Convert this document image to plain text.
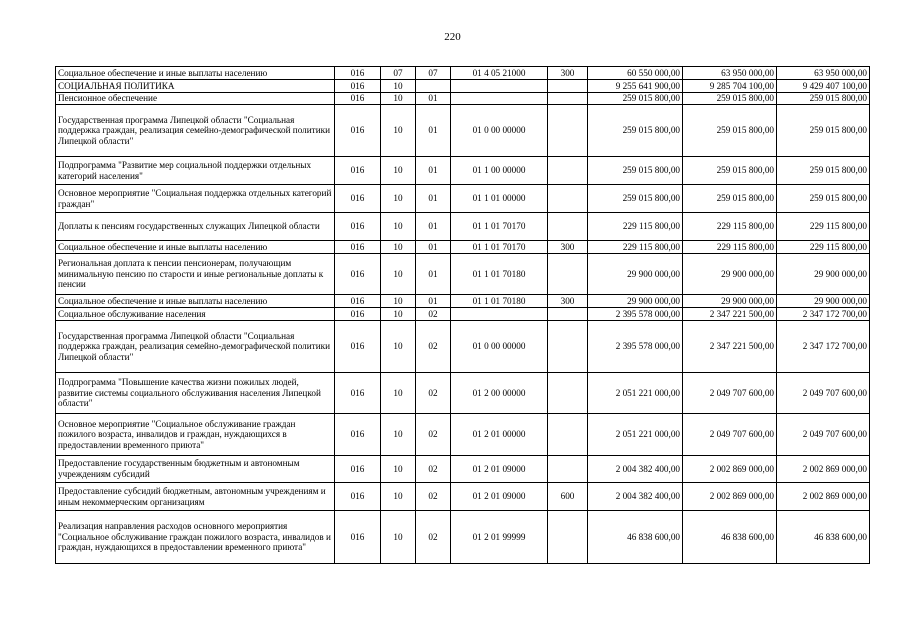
220
Социальное обеспечение и иные выплаты населению	016	07	07	01 4 05 21000	300	60 550 000,00	63 950 000,00	63 950 000,00
СОЦИАЛЬНАЯ ПОЛИТИКА	016	10				9 255 641 900,00	9 285 704 100,00	9 429 407 100,00
Пенсионное обеспечение	016	10	01			259 015 800,00	259 015 800,00	259 015 800,00
Государственная программа Липецкой области "Социальная поддержка граждан, реализация семейно-демографической политики Липецкой области"	016	10	01	01 0 00 00000		259 015 800,00	259 015 800,00	259 015 800,00
Подпрограмма "Развитие мер социальной поддержки отдельных категорий населения"	016	10	01	01 1 00 00000		259 015 800,00	259 015 800,00	259 015 800,00
Основное мероприятие "Социальная поддержка отдельных категорий граждан"	016	10	01	01 1 01 00000		259 015 800,00	259 015 800,00	259 015 800,00
Доплаты к пенсиям государственных служащих Липецкой области	016	10	01	01 1 01 70170		229 115 800,00	229 115 800,00	229 115 800,00
Социальное обеспечение и иные выплаты населению	016	10	01	01 1 01 70170	300	229 115 800,00	229 115 800,00	229 115 800,00
Региональная доплата к пенсии пенсионерам, получающим минимальную пенсию по старости и иные региональные доплаты к пенсии	016	10	01	01 1 01 70180		29 900 000,00	29 900 000,00	29 900 000,00
Социальное обеспечение и иные выплаты населению	016	10	01	01 1 01 70180	300	29 900 000,00	29 900 000,00	29 900 000,00
Социальное обслуживание населения	016	10	02			2 395 578 000,00	2 347 221 500,00	2 347 172 700,00
Государственная программа Липецкой области "Социальная поддержка граждан, реализация семейно-демографической политики Липецкой области"	016	10	02	01 0 00 00000		2 395 578 000,00	2 347 221 500,00	2 347 172 700,00
Подпрограмма "Повышение качества жизни пожилых людей, развитие системы социального обслуживания населения Липецкой области"	016	10	02	01 2 00 00000		2 051 221 000,00	2 049 707 600,00	2 049 707 600,00
Основное мероприятие "Социальное обслуживание граждан пожилого возраста, инвалидов и граждан, нуждающихся в предоставлении временного приюта"	016	10	02	01 2 01 00000		2 051 221 000,00	2 049 707 600,00	2 049 707 600,00
Предоставление государственным бюджетным и автономным учреждениям субсидий	016	10	02	01 2 01 09000		2 004 382 400,00	2 002 869 000,00	2 002 869 000,00
Предоставление субсидий бюджетным, автономным учреждениям и иным некоммерческим организациям	016	10	02	01 2 01 09000	600	2 004 382 400,00	2 002 869 000,00	2 002 869 000,00
Реализация направления расходов основного мероприятия "Социальное обслуживание граждан пожилого возраста, инвалидов и граждан, нуждающихся в предоставлении временного приюта"	016	10	02	01 2 01 99999		46 838 600,00	46 838 600,00	46 838 600,00
